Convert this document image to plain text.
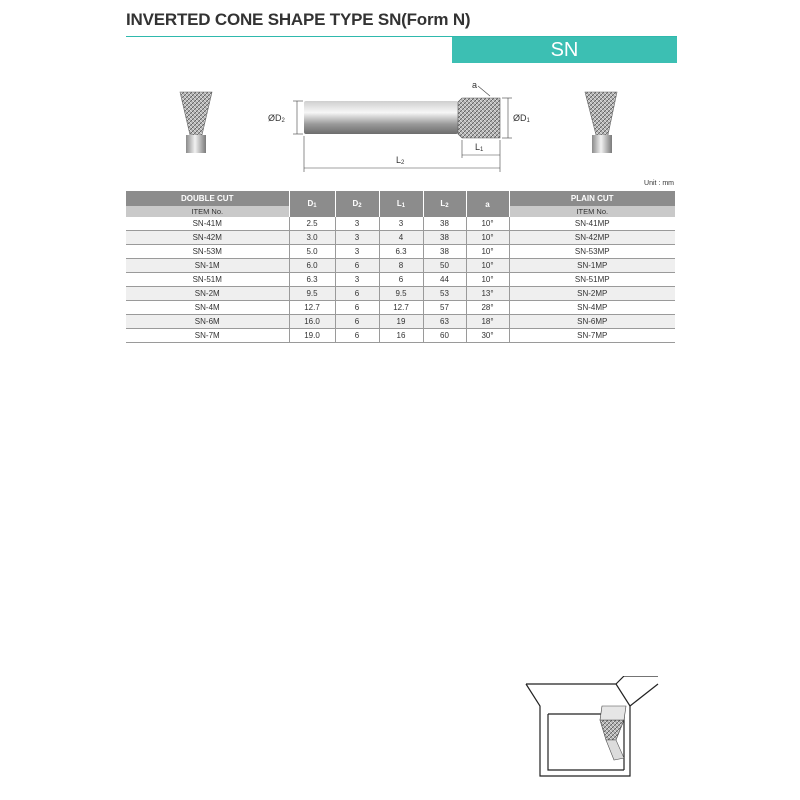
INVERTED CONE SHAPE TYPE SN(Form N)
SN
a
ØD2	ØD1
L1
L2
Unit : mm
DOUBLE CUT	$D_1$	$D_2$	$L_1$	$L_2$	a	PLAIN CUT
ITEM No.						ITEM No.
SN-41M	2.5	3	3	38	10°	SN-41MP
SN-42M	3.0	3	4	38	10°	SN-42MP
SN-53M	5.0	3	6.3	38	10°	SN-53MP
SN-1M	6.0	6	8	50	10°	SN-1MP
SN-51M	6.3	3	6	44	10°	SN-51MP
SN-2M	9.5	6	9.5	53	13°	SN-2MP
SN-4M	12.7	6	12.7	57	28°	SN-4MP
SN-6M	16.0	6	19	63	18°	SN-6MP
SN-7M	19.0	6	16	60	30°	SN-7MP
